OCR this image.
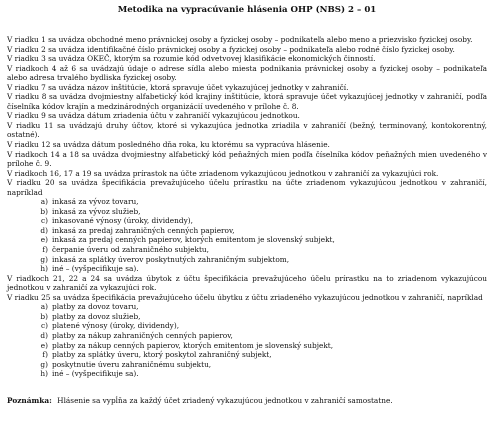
Metodika na vypracúvanie hlásenia OHP (NBS) 2 – 01

V riadku 1 sa uvádza obchodné meno právnickej osoby a fyzickej osoby – podnikateľa alebo meno a priezvisko fyzickej osoby.

V riadku 2 sa uvádza identifikačné číslo právnickej osoby a fyzickej osoby – podnikateľa alebo rodné číslo fyzickej osoby.

V riadku 3 sa uvádza OKEČ, ktorým sa rozumie kód odvetvovej klasifikácie ekonomických činností.

V riadkoch 4 až 6 sa uvádzajú údaje o adrese sídla alebo miesta podnikania právnickej osoby a fyzickej osoby – podnikateľa alebo adresa trvalého bydliska fyzickej osoby.

V riadku 7 sa uvádza názov inštitúcie, ktorá spravuje účet vykazujúcej jednotky v zahraničí.

V riadku 8 sa uvádza dvojmiestny alfabetický kód krajiny inštitúcie, ktorá spravuje účet vykazujúcej jednotky v zahraničí, podľa číselníka kódov krajín a medzinárodných organizácií uvedeného v prílohe č. 8.

V riadku 9 sa uvádza dátum zriadenia účtu v zahraničí vykazujúcou jednotkou.

V riadku 11 sa uvádzajú druhy účtov, ktoré si vykazujúca jednotka zriadila v zahraničí (bežný, terminovaný, kontokorentný, ostatné).

V riadku 12 sa uvádza dátum posledného dňa roka, ku ktorému sa vypracúva hlásenie.

V riadkoch 14 a 18 sa uvádza dvojmiestny alfabetický kód peňažných mien podľa číselníka kódov peňažných mien uvedeného v prílohe č. 9.

V riadkoch 16, 17 a 19 sa uvádza prírastok na účte zriadenom vykazujúcou jednotkou v zahraničí za vykazujúci rok.

V riadku 20 sa uvádza špecifikácia prevažujúceho účelu prírastku na účte zriadenom vykazujúcou jednotkou v zahraničí, napríklad

a) inkasá za vývoz tovaru,
b) inkasá za vývoz služieb,
c) inkasované výnosy (úroky, dividendy),
d) inkasá za predaj zahraničných cenných papierov,
e) inkasá za predaj cenných papierov, ktorých emitentom je slovenský subjekt,
f) čerpanie úveru od zahraničného subjektu,
g) inkasá za splátky úverov poskytnutých zahraničným subjektom,
h) iné – (vyšpecifikuje sa).

V riadkoch 21, 22 a 24 sa uvádza úbytok z účtu špecifikácia prevažujúceho účelu prírastku na to zriadenom vykazujúcou jednotkou v zahraničí za vykazujúci rok.

V riadku 25 sa uvádza špecifikácia prevažujúceho účelu úbytku z účtu zriadeného vykazujúcou jednotkou v zahraničí, napríklad

a) platby za dovoz tovaru,
b) platby za dovoz služieb,
c) platené výnosy (úroky, dividendy),
d) platby za nákup zahraničných cenných papierov,
e) platby za nákup cenných papierov, ktorých emitentom je slovenský subjekt,
f) platby za splátky úveru, ktorý poskytol zahraničný subjekt,
g) poskytnutie úveru zahraničnému subjektu,
h) iné – (vyšpecifikuje sa).

Poznámka: Hlásenie sa vypĺňa za každý účet zriadený vykazujúcou jednotkou v zahraničí samostatne.
